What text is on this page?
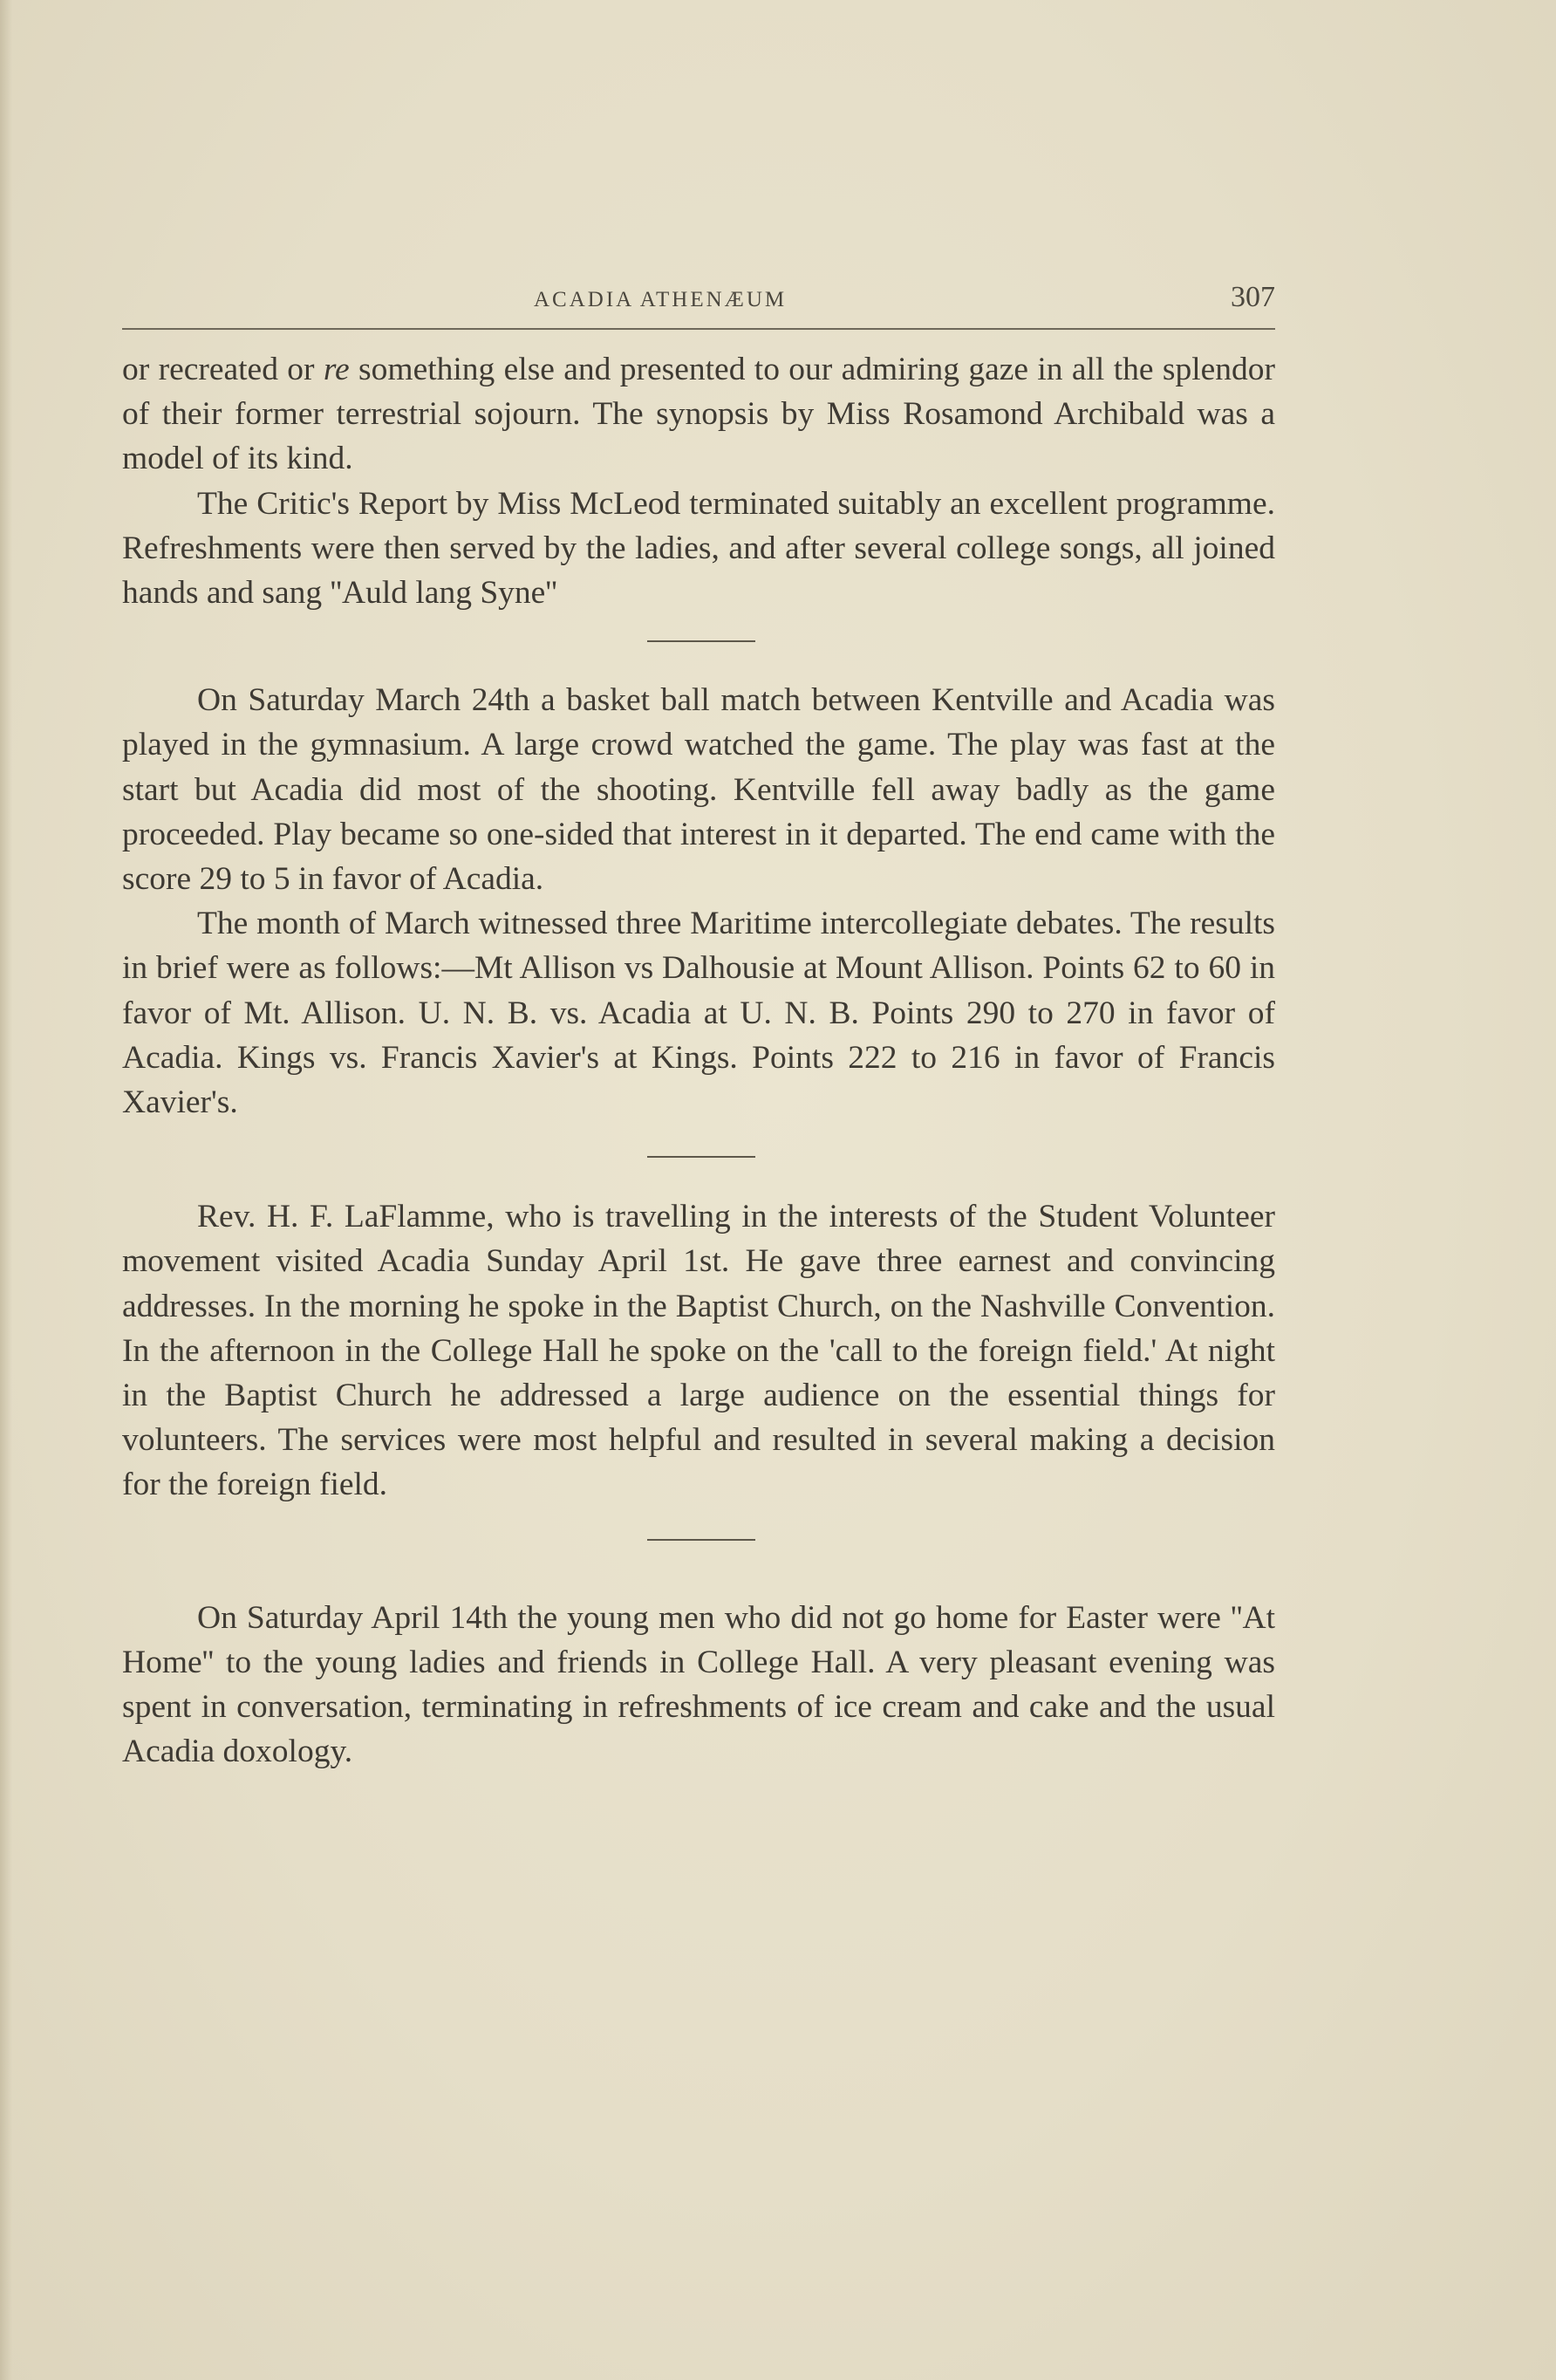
ACADIA ATHENÆUM	307

or recreated or re something else and presented to our admiring gaze in all the splendor of their former terrestrial sojourn. The synopsis by Miss Rosamond Archibald was a model of its kind.

The Critic's Report by Miss McLeod terminated suitably an excellent programme. Refreshments were then served by the ladies, and after several college songs, all joined hands and sang ''Auld lang Syne''

On Saturday March 24th a basket ball match between Kentville and Acadia was played in the gymnasium. A large crowd watched the game. The play was fast at the start but Acadia did most of the shooting. Kentville fell away badly as the game proceeded. Play became so one-sided that interest in it departed. The end came with the score 29 to 5 in favor of Acadia.

The month of March witnessed three Maritime intercollegiate debates. The results in brief were as follows:—Mt Allison vs Dalhousie at Mount Allison. Points 62 to 60 in favor of Mt. Allison. U. N. B. vs. Acadia at U. N. B. Points 290 to 270 in favor of Acadia. Kings vs. Francis Xavier's at Kings. Points 222 to 216 in favor of Francis Xavier's.

Rev. H. F. LaFlamme, who is travelling in the interests of the Student Volunteer movement visited Acadia Sunday April 1st. He gave three earnest and convincing addresses. In the morning he spoke in the Baptist Church, on the Nashville Convention. In the afternoon in the College Hall he spoke on the 'call to the foreign field.' At night in the Baptist Church he addressed a large audience on the essential things for volunteers. The services were most helpful and resulted in several making a decision for the foreign field.

On Saturday April 14th the young men who did not go home for Easter were ''At Home'' to the young ladies and friends in College Hall. A very pleasant evening was spent in conversation, terminating in refreshments of ice cream and cake and the usual Acadia doxology.
